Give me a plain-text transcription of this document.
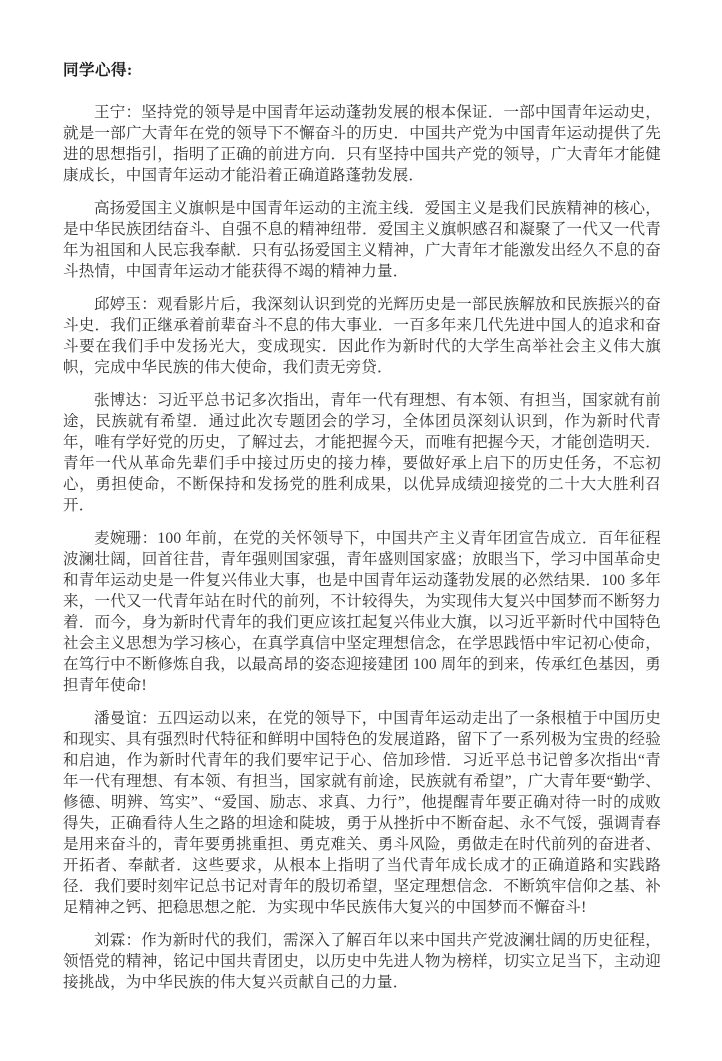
同学心得:

王宁：坚持党的领导是中国青年运动蓬勃发展的根本保证．一部中国青年运动史，就是一部广大青年在党的领导下不懈奋斗的历史．中国共产党为中国青年运动提供了先进的思想指引，指明了正确的前进方向．只有坚持中国共产党的领导，广大青年才能健康成长，中国青年运动才能沿着正确道路蓬勃发展．

高扬爱国主义旗帜是中国青年运动的主流主线．爱国主义是我们民族精神的核心，是中华民族团结奋斗、自强不息的精神纽带．爱国主义旗帜感召和凝聚了一代又一代青年为祖国和人民忘我奉献．只有弘扬爱国主义精神，广大青年才能激发出经久不息的奋斗热情，中国青年运动才能获得不竭的精神力量．

邱婷玉：观看影片后，我深刻认识到党的光辉历史是一部民族解放和民族振兴的奋斗史．我们正继承着前辈奋斗不息的伟大事业．一百多年来几代先进中国人的追求和奋斗要在我们手中发扬光大，变成现实．因此作为新时代的大学生高举社会主义伟大旗帜，完成中华民族的伟大使命，我们责无旁贷．

张博达：习近平总书记多次指出，青年一代有理想、有本领、有担当，国家就有前途，民族就有希望．通过此次专题团会的学习，全体团员深刻认识到，作为新时代青年，唯有学好党的历史，了解过去，才能把握今天，而唯有把握今天，才能创造明天．青年一代从革命先辈们手中接过历史的接力棒，要做好承上启下的历史任务，不忘初心，勇担使命，不断保持和发扬党的胜利成果，以优异成绩迎接党的二十大大胜利召开．

麦婉珊：100 年前，在党的关怀领导下，中国共产主义青年团宣告成立．百年征程波澜壮阔，回首往昔，青年强则国家强，青年盛则国家盛；放眼当下，学习中国革命史和青年运动史是一件复兴伟业大事，也是中国青年运动蓬勃发展的必然结果．100 多年来，一代又一代青年站在时代的前列，不计较得失，为实现伟大复兴中国梦而不断努力着．而今，身为新时代青年的我们更应该扛起复兴伟业大旗，以习近平新时代中国特色社会主义思想为学习核心，在真学真信中坚定理想信念，在学思践悟中牢记初心使命，在笃行中不断修炼自我，以最高昂的姿态迎接建团 100 周年的到来，传承红色基因，勇担青年使命!

潘曼谊：五四运动以来，在党的领导下，中国青年运动走出了一条根植于中国历史和现实、具有强烈时代特征和鲜明中国特色的发展道路，留下了一系列极为宝贵的经验和启迪，作为新时代青年的我们要牢记于心、倍加珍惜．习近平总书记曾多次指出“青年一代有理想、有本领、有担当，国家就有前途，民族就有希望”，广大青年要“勤学、修德、明辨、笃实”、“爱国、励志、求真、力行”，他提醒青年要正确对待一时的成败得失，正确看待人生之路的坦途和陡坡，勇于从挫折中不断奋起、永不气馁，强调青春是用来奋斗的，青年要勇挑重担、勇克难关、勇斗风险，勇做走在时代前列的奋进者、开拓者、奉献者．这些要求，从根本上指明了当代青年成长成才的正确道路和实践路径．我们要时刻牢记总书记对青年的殷切希望，坚定理想信念．不断筑牢信仰之基、补足精神之钙、把稳思想之舵．为实现中华民族伟大复兴的中国梦而不懈奋斗!

刘霖：作为新时代的我们，需深入了解百年以来中国共产党波澜壮阔的历史征程，领悟党的精神，铭记中国共青团史，以历史中先进人物为榜样，切实立足当下，主动迎接挑战，为中华民族的伟大复兴贡献自己的力量．
